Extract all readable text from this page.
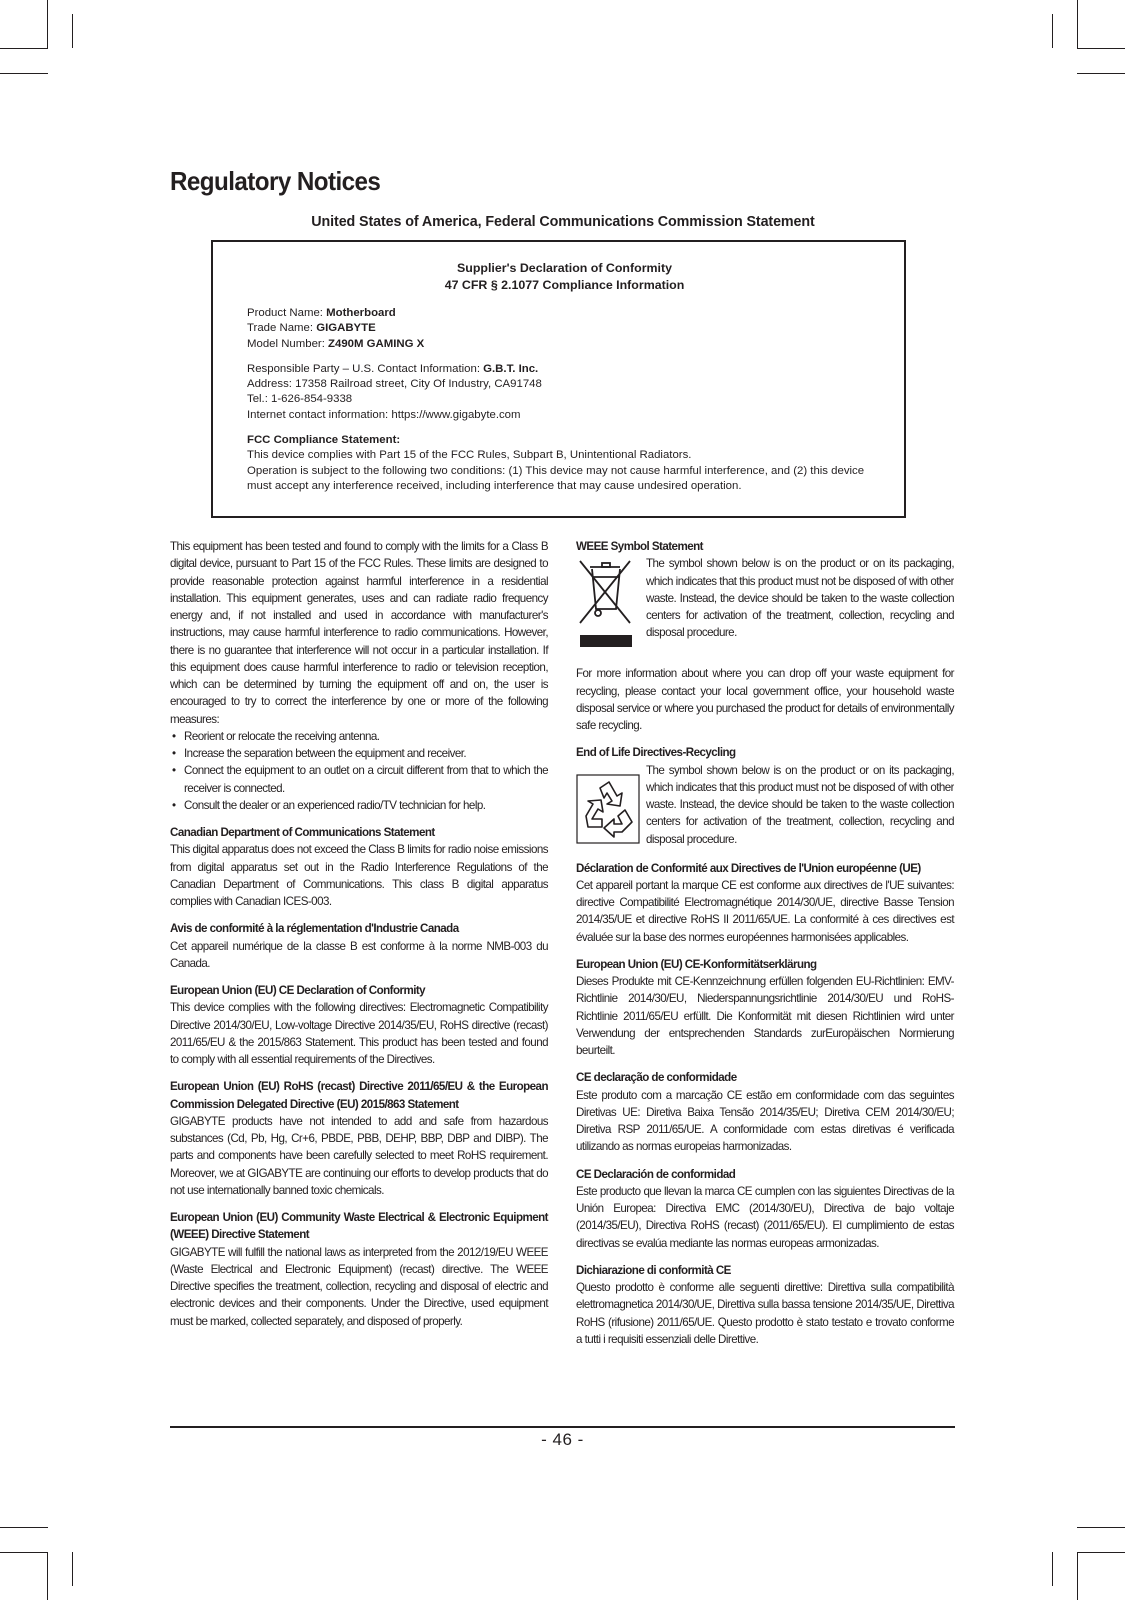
Regulatory Notices
United States of America, Federal Communications Commission Statement
Supplier's Declaration of Conformity
47 CFR § 2.1077 Compliance Information
Product Name: Motherboard
Trade Name: GIGABYTE
Model Number: Z490M GAMING X
Responsible Party – U.S. Contact Information: G.B.T. Inc.
Address: 17358 Railroad street, City Of Industry, CA91748
Tel.: 1-626-854-9338
Internet contact information: https://www.gigabyte.com
FCC Compliance Statement:
This device complies with Part 15 of the FCC Rules, Subpart B, Unintentional Radiators.
Operation is subject to the following two conditions: (1) This device may not cause harmful interference, and (2) this device must accept any interference received, including interference that may cause undesired operation.

This equipment has been tested and found to comply with the limits for a Class B digital device, pursuant to Part 15 of the FCC Rules. These limits are designed to provide reasonable protection against harmful interference in a residential installation. This equipment generates, uses and can radiate radio frequency energy and, if not installed and used in accordance with manufacturer's instructions, may cause harmful interference to radio communications. However, there is no guarantee that interference will not occur in a particular installation. If this equipment does cause harmful interference to radio or television reception, which can be determined by turning the equipment off and on, the user is encouraged to try to correct the interference by one or more of the following measures:

• Reorient or relocate the receiving antenna.
• Increase the separation between the equipment and receiver.
• Connect the equipment to an outlet on a circuit different from that to which the receiver is connected.
• Consult the dealer or an experienced radio/TV technician for help.
Canadian Department of Communications Statement

This digital apparatus does not exceed the Class B limits for radio noise emissions from digital apparatus set out in the Radio Interference Regulations of the Canadian Department of Communications. This class B digital apparatus complies with Canadian ICES-003.

Avis de conformité à la réglementation d'Industrie Canada

Cet appareil numérique de la classe B est conforme à la norme NMB-003 du Canada.

European Union (EU) CE Declaration of Conformity

This device complies with the following directives: Electromagnetic Compatibility Directive 2014/30/EU, Low-voltage Directive 2014/35/EU, RoHS directive (recast) 2011/65/EU & the 2015/863 Statement. This product has been tested and found to comply with all essential requirements of the Directives.

European Union (EU) RoHS (recast) Directive 2011/65/EU & the European Commission Delegated Directive (EU) 2015/863 Statement

GIGABYTE products have not intended to add and safe from hazardous substances (Cd, Pb, Hg, Cr+6, PBDE, PBB, DEHP, BBP, DBP and DIBP). The parts and components have been carefully selected to meet RoHS requirement. Moreover, we at GIGABYTE are continuing our efforts to develop products that do not use internationally banned toxic chemicals.

European Union (EU) Community Waste Electrical & Electronic Equipment (WEEE) Directive Statement

GIGABYTE will fulfill the national laws as interpreted from the 2012/19/EU WEEE (Waste Electrical and Electronic Equipment) (recast) directive. The WEEE Directive specifies the treatment, collection, recycling and disposal of electric and electronic devices and their components. Under the Directive, used equipment must be marked, collected separately, and disposed of properly.

WEEE Symbol Statement

The symbol shown below is on the product or on its packaging, which indicates that this product must not be disposed of with other waste. Instead, the device should be taken to the waste collection centers for activation of the treatment, collection, recycling and disposal procedure.

For more information about where you can drop off your waste equipment for recycling, please contact your local government office, your household waste disposal service or where you purchased the product for details of environmentally safe recycling.

End of Life Directives-Recycling

The symbol shown below is on the product or on its packaging, which indicates that this product must not be disposed of with other waste. Instead, the device should be taken to the waste collection centers for activation of the treatment, collection, recycling and disposal procedure.

Déclaration de Conformité aux Directives de l'Union européenne (UE)

Cet appareil portant la marque CE est conforme aux directives de l'UE suivantes: directive Compatibilité Electromagnétique 2014/30/UE, directive Basse Tension 2014/35/UE et directive RoHS II 2011/65/UE. La conformité à ces directives est évaluée sur la base des normes européennes harmonisées applicables.

European Union (EU) CE-Konformitätserklärung

Dieses Produkte mit CE-Kennzeichnung erfüllen folgenden EU-Richtlinien: EMV-Richtlinie 2014/30/EU, Niederspannungsrichtlinie 2014/30/EU und RoHS-Richtlinie 2011/65/EU erfüllt. Die Konformität mit diesen Richtlinien wird unter Verwendung der entsprechenden Standards zurEuropäischen Normierung beurteilt.

CE declaração de conformidade

Este produto com a marcação CE estão em conformidade com das seguintes Diretivas UE: Diretiva Baixa Tensão 2014/35/EU; Diretiva CEM 2014/30/EU; Diretiva RSP 2011/65/UE. A conformidade com estas diretivas é verificada utilizando as normas europeias harmonizadas.

CE Declaración de conformidad

Este producto que llevan la marca CE cumplen con las siguientes Directivas de la Unión Europea: Directiva EMC (2014/30/EU), Directiva de bajo voltaje (2014/35/EU), Directiva RoHS (recast) (2011/65/EU). El cumplimiento de estas directivas se evalúa mediante las normas europeas armonizadas.

Dichiarazione di conformità CE

Questo prodotto è conforme alle seguenti direttive: Direttiva sulla compatibilità elettromagnetica 2014/30/UE, Direttiva sulla bassa tensione 2014/35/UE, Direttiva RoHS (rifusione) 2011/65/UE. Questo prodotto è stato testato e trovato conforme a tutti i requisiti essenziali delle Direttive.

- 46 -
